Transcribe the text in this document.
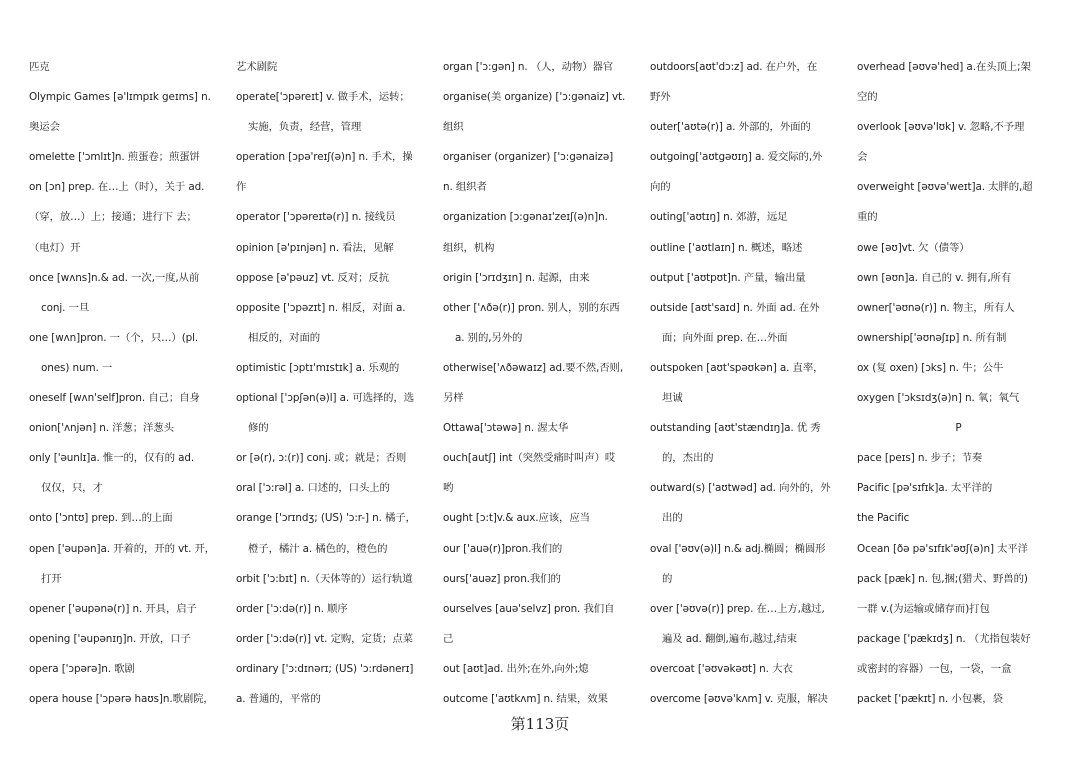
匹克
Olympic Games [ə'lɪmpɪk geɪms] n.
奥运会
omelette ['ɔmlɪt]n. 煎蛋卷；煎蛋饼
on [ɔn] prep. 在…上（时），关于 ad.
（穿，放…）上；接通；进行下 去；
（电灯）开
once [wʌns]n.& ad. 一次,一度,从前
conj. 一旦
one [wʌn]pron. 一（个，只…）(pl.
ones) num. 一
oneself [wʌn'self]pron. 自己；自身
onion['ʌnjən] n. 洋葱；洋葱头
only ['əunlɪ]a. 惟一的，仅有的 ad.
仅仅，只，才
onto ['ɔntʊ] prep. 到…的上面
open ['əupən]a. 开着的，开的 vt. 开，
打开
opener ['əupənə(r)] n. 开具，启子
opening ['əupənɪŋ]n. 开放，口子
opera ['ɔpərə]n. 歌剧
opera house ['ɔpərə haʊs]n.歌剧院，
艺术剧院
operate['ɔpəreɪt] v. 做手术，运转；
实施，负责，经营，管理
operation [ɔpə'reɪʃ(ə)n] n. 手术，操
作
operator ['ɔpəreɪtə(r)] n. 接线员
opinion [ə'pɪnjən] n. 看法，见解
oppose [ə'pəuz] vt. 反对；反抗
opposite ['ɔpəzɪt] n. 相反，对面 a.
相反的，对面的
optimistic [ɔptɪ'mɪstɪk] a. 乐观的
optional ['ɔpʃən(ə)l] a. 可选择的，选
修的
or [ə(r), ɔ:(r)] conj. 或；就是；否则
oral ['ɔ:rəl] a. 口述的，口头上的
orange ['ɔrɪndʒ; (US) 'ɔ:r-] n. 橘子，
橙子，橘汁 a. 橘色的，橙色的
orbit ['ɔ:bɪt] n.（天体等的）运行轨道
order ['ɔ:də(r)] n. 顺序
order ['ɔ:də(r)] vt. 定购，定货；点菜
ordinary ['ɔ:dɪnərɪ; (US) 'ɔ:rdənerɪ]
a. 普通的，平常的
organ ['ɔ:gən] n. （人，动物）器官
organise(美 organize) ['ɔ:gənaiz] vt.
组织
organiser (organizer) ['ɔ:gənaizə]
n. 组织者
organization [ɔ:gənaɪ'zeɪʃ(ə)n]n.
组织，机构
origin ['ɔrɪdʒɪn] n. 起源，由来
other ['ʌðə(r)] pron. 别人，别的东西
a. 别的,另外的
otherwise['ʌðəwaɪz] ad.要不然,否则,
另样
Ottawa['ɔtəwə] n. 渥太华
ouch[autʃ] int（突然受痛时叫声）哎
哟
ought [ɔ:t]v.& aux.应该，应当
our ['auə(r)]pron.我们的
ours['auəz] pron.我们的
ourselves [auə'selvz] pron. 我们自
己
out [aʊt]ad. 出外;在外,向外;熄
outcome ['aʊtkʌm] n. 结果，效果
outdoors[aʊt'dɔ:z] ad. 在户外，在
野外
outer['aʊtə(r)] a. 外部的，外面的
outgoing['aʊtgəʊɪŋ] a. 爱交际的,外
向的
outing['aʊtɪŋ] n. 郊游，远足
outline ['aʊtlaɪn] n. 概述，略述
output ['aʊtpʊt]n. 产量，输出量
outside [aʊt'saɪd] n. 外面 ad. 在外
面；向外面 prep. 在…外面
outspoken [aʊt'spəʊkən] a. 直率，
坦诚
outstanding [aʊt'stændɪŋ]a. 优 秀
的，杰出的
outward(s) ['aʊtwəd] ad. 向外的，外
出的
oval ['əʊv(ə)l] n.& adj.椭圆；椭圆形
的
over ['əʊvə(r)] prep. 在…上方,越过,
遍及 ad. 翻倒,遍布,越过,结束
overcoat ['əʊvəkəʊt] n. 大衣
overcome [əʊvə'kʌm] v. 克服，解决
overhead [əʊvə'hed] a.在头顶上;架
空的
overlook [əʊvə'lʊk] v. 忽略,不予理
会
overweight [əʊvə'weɪt]a. 太胖的,超
重的
owe [əʊ]vt. 欠（债等）
own [əʊn]a. 自己的 v. 拥有,所有
owner['əʊnə(r)] n. 物主，所有人
ownership['əʊnəʃɪp] n. 所有制
ox (复 oxen) [ɔks] n. 牛；公牛
oxygen ['ɔksɪdʒ(ə)n] n. 氧；氧气
P
pace [peɪs] n. 步子；节奏
Pacific [pə'sɪfɪk]a. 太平洋的
the Pacific
Ocean [ðə pə'sɪfɪk'əʊʃ(ə)n] 太平洋
pack [pæk] n. 包,捆;(猎犬、野兽的)
一群 v.(为运输或储存而)打包
package ['pækɪdʒ] n. （尤指包装好
或密封的容器）一包，一袋，一盒
packet ['pækɪt] n. 小包裹，袋
第113页
